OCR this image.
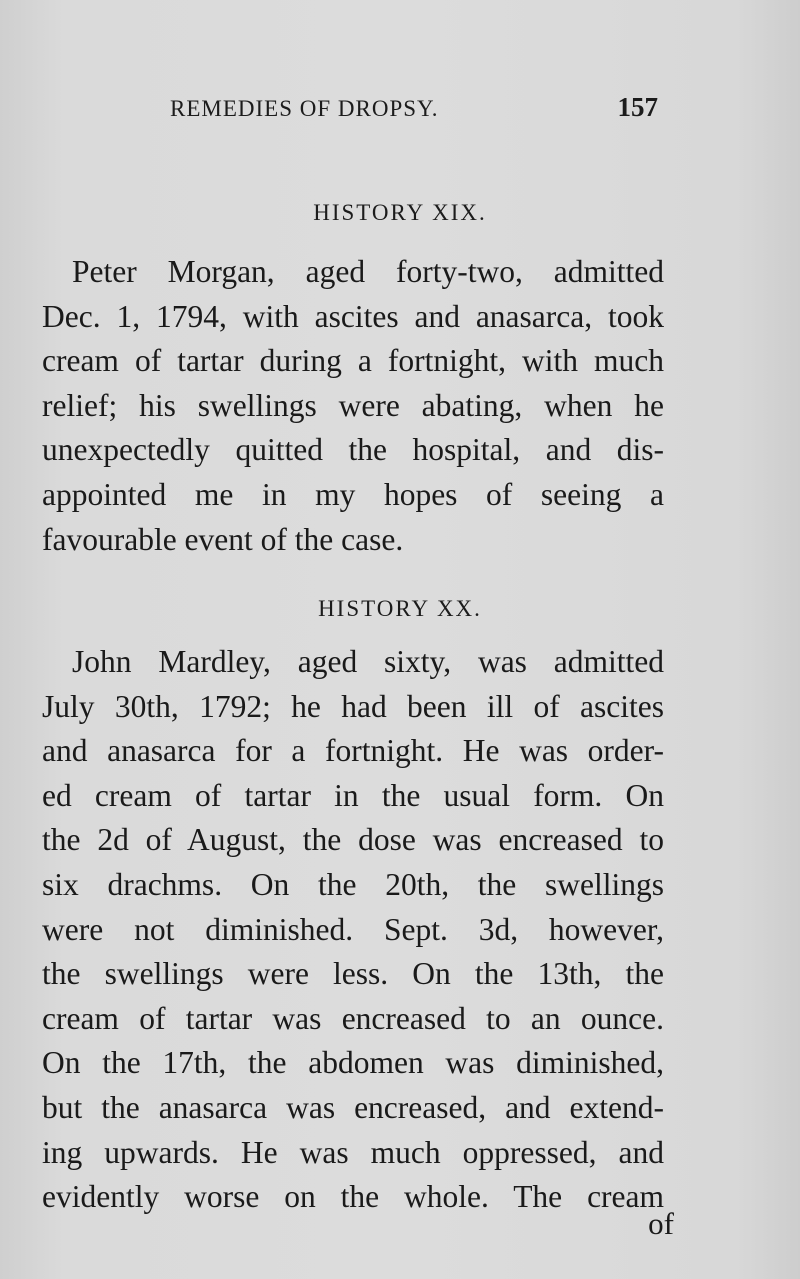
REMEDIES OF DROPSY.	157
HISTORY XIX.
Peter Morgan, aged forty-two, admitted
Dec. 1, 1794, with ascites and anasarca, took
cream of tartar during a fortnight, with much
relief; his swellings were abating, when he
unexpectedly quitted the hospital, and dis-
appointed me in my hopes of seeing a
favourable event of the case.
HISTORY XX.
John Mardley, aged sixty, was admitted
July 30th, 1792; he had been ill of ascites
and anasarca for a fortnight. He was order-
ed cream of tartar in the usual form. On
the 2d of August, the dose was encreased to
six drachms. On the 20th, the swellings
were not diminished. Sept. 3d, however,
the swellings were less. On the 13th, the
cream of tartar was encreased to an ounce.
On the 17th, the abdomen was diminished,
but the anasarca was encreased, and extend-
ing upwards. He was much oppressed, and
evidently worse on the whole. The cream
of
